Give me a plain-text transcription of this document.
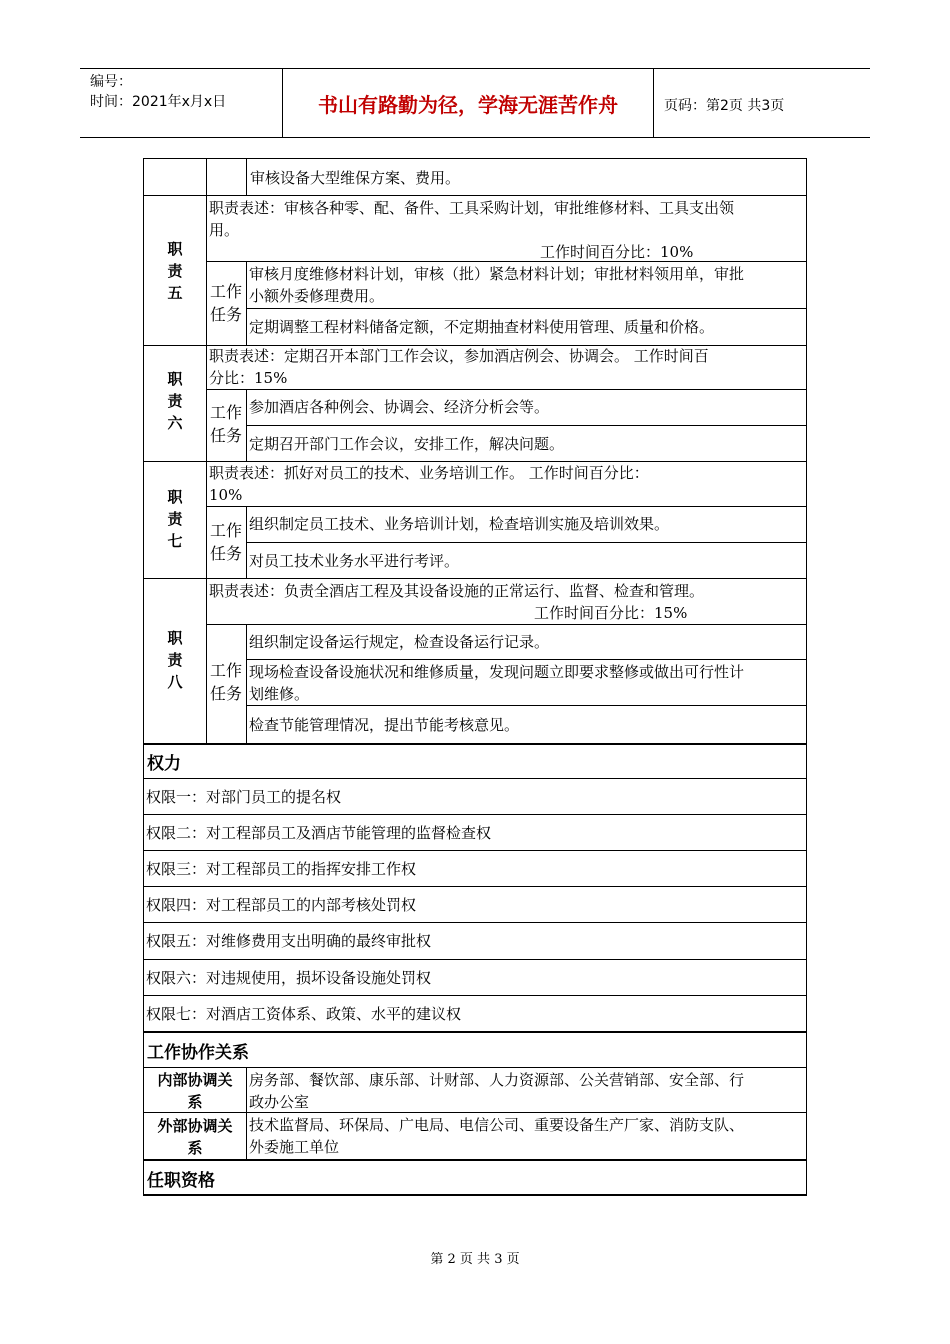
编号：
时间：2021年x月x日	书山有路勤为径，学海无涯苦作舟	页码：第2页 共3页
审核设备大型维保方案、费用。
职
责
五
职责表述：审核各种零、配、备件、工具采购计划，审批维修材料、工具支出领
用。
工作时间百分比：10%
工作
任务
审核月度维修材料计划，审核（批）紧急材料计划；审批材料领用单，审批
小额外委修理费用。
定期调整工程材料储备定额，不定期抽查材料使用管理、质量和价格。
职
责
六
职责表述：定期召开本部门工作会议，参加酒店例会、协调会。 工作时间百
分比：15%
工作
任务
参加酒店各种例会、协调会、经济分析会等。
定期召开部门工作会议，安排工作，解决问题。
职
责
七
职责表述：抓好对员工的技术、业务培训工作。 工作时间百分比：
10%
工作
任务
组织制定员工技术、业务培训计划，检查培训实施及培训效果。
对员工技术业务水平进行考评。
职
责
八
职责表述：负责全酒店工程及其设备设施的正常运行、监督、检查和管理。
工作时间百分比：15%
工作
任务
组织制定设备运行规定，检查设备运行记录。
现场检查设备设施状况和维修质量，发现问题立即要求整修或做出可行性计
划维修。
检查节能管理情况，提出节能考核意见。
权力
权限一：对部门员工的提名权
权限二：对工程部员工及酒店节能管理的监督检查权
权限三：对工程部员工的指挥安排工作权
权限四：对工程部员工的内部考核处罚权
权限五：对维修费用支出明确的最终审批权
权限六：对违规使用，损坏设备设施处罚权
权限七：对酒店工资体系、政策、水平的建议权
工作协作关系
内部协调关
系
房务部、餐饮部、康乐部、计财部、人力资源部、公关营销部、安全部、行
政办公室
外部协调关
系
技术监督局、环保局、广电局、电信公司、重要设备生产厂家、消防支队、
外委施工单位
任职资格
第 2 页 共 3 页
